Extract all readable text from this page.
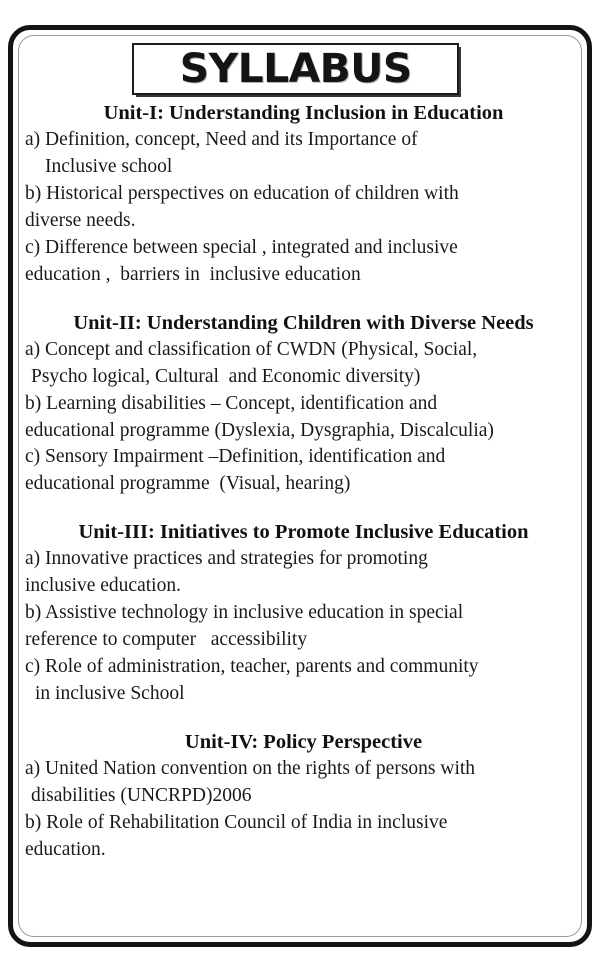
SYLLABUS
Unit-I: Understanding Inclusion in Education

a) Definition, concept, Need and its Importance of

Inclusive school

b) Historical perspectives on education of children with

diverse needs.

c) Difference between special , integrated and inclusive

education ,  barriers in  inclusive education

Unit-II: Understanding Children with Diverse Needs

a) Concept and classification of CWDN (Physical, Social,

Psycho logical, Cultural  and Economic diversity)

b) Learning disabilities – Concept, identification and

educational programme (Dyslexia, Dysgraphia, Discalculia)

c) Sensory Impairment –Definition, identification and

educational programme  (Visual, hearing)

Unit-III: Initiatives to Promote Inclusive Education

a) Innovative practices and strategies for promoting

inclusive education.

b) Assistive technology in inclusive education in special

reference to computer   accessibility

c) Role of administration, teacher, parents and community

in inclusive School

Unit-IV: Policy Perspective

a) United Nation convention on the rights of persons with

disabilities (UNCRPD)2006

b) Role of Rehabilitation Council of India in inclusive

education.
